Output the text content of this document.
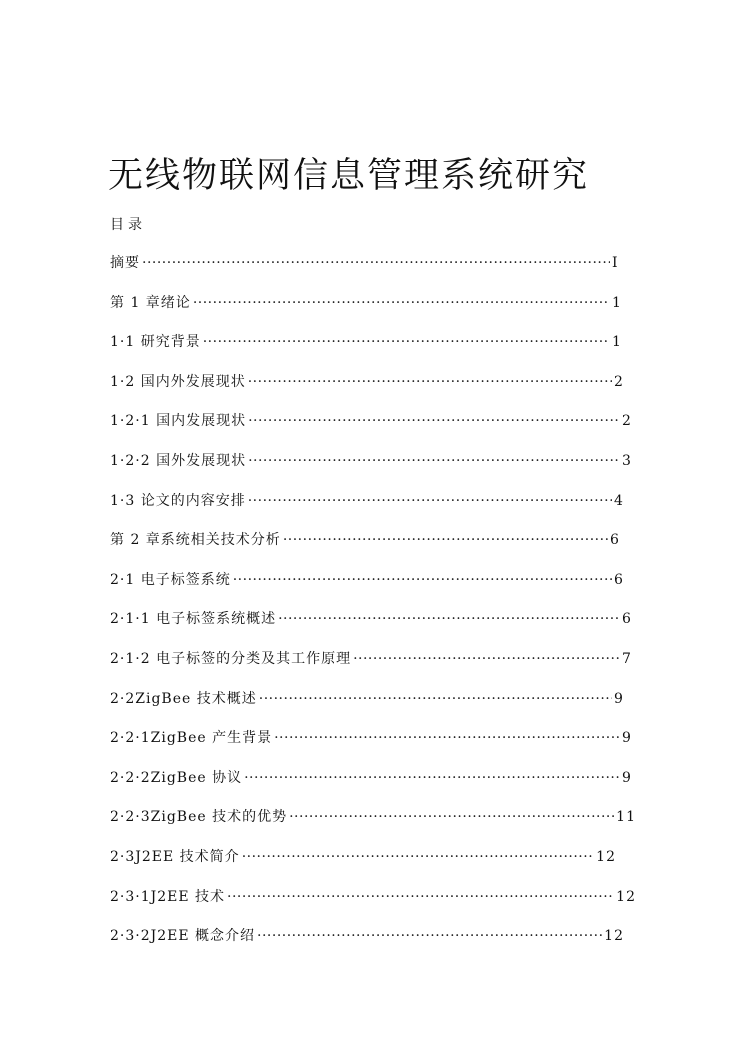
无线物联网信息管理系统研究
目录
摘要 ·····	I
第 1 章绪论 ·····	1
1·1 研究背景 ·····	1
1·2 国内外发展现状 ·····	2
1·2·1 国内发展现状 ·····	2
1·2·2 国外发展现状 ·····	3
1·3 论文的内容安排 ·····	4
第 2 章系统相关技术分析 ·····	6
2·1 电子标签系统 ·····	6
2·1·1 电子标签系统概述 ·····	6
2·1·2 电子标签的分类及其工作原理 ·····	7
2·2ZigBee 技术概述 ·····	9
2·2·1ZigBee 产生背景 ·····	9
2·2·2ZigBee 协议 ·····	9
2·2·3ZigBee 技术的优势 ·····	11
2·3J2EE 技术简介 ·····	12
2·3·1J2EE 技术 ·····	12
2·3·2J2EE 概念介绍 ·····	12
